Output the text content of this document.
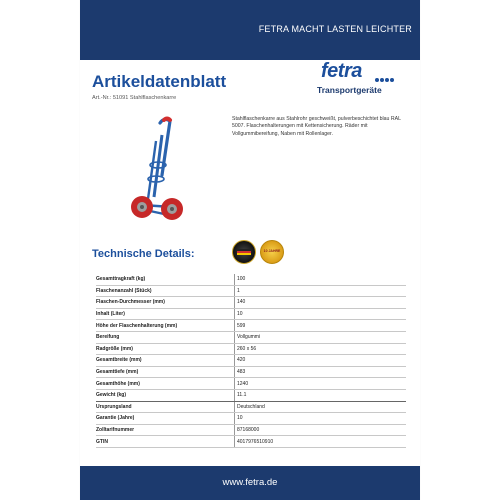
FETRA MACHT LASTEN LEICHTER
Artikeldatenblatt
Art.-Nr.: 51091 Stahlflaschenkarre
fetra
Transportgeräte
Stahlflaschenkarre aus Stahlrohr geschweißt, pulverbeschichtet blau RAL 5007. Flaschenhalterungen mit Kettensicherung. Räder mit Vollgummibereifung, Naben mit Rollenlager.
Technische Details:	10 JAHRE
Gesamttragkraft (kg)	100
Flaschenanzahl (Stück)	1
Flaschen-Durchmesser (mm)	140
Inhalt (Liter)	10
Höhe der Flaschenhalterung (mm)	599
Bereifung	Vollgummi
Radgröße (mm)	260 x 56
Gesamtbreite (mm)	420
Gesamttiefe (mm)	483
Gesamthöhe (mm)	1240
Gewicht (kg)	11.1
Ursprungsland	Deutschland
Garantie (Jahre)	10
Zolltarifnummer	87168000
GTIN	4017976510910
www.fetra.de
